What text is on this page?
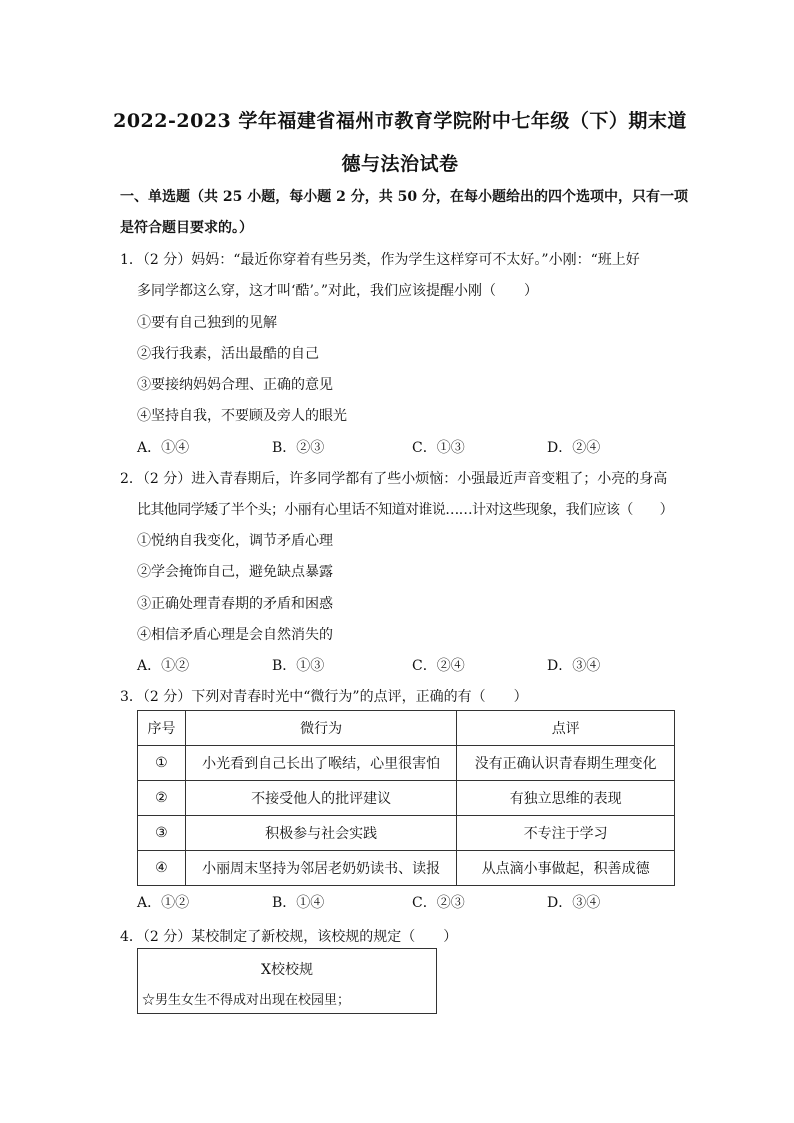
2022-2023 学年福建省福州市教育学院附中七年级（下）期末道
德与法治试卷
一、单选题（共 25 小题，每小题 2 分，共 50 分，在每小题给出的四个选项中，只有一项
是符合题目要求的。）
1．（2 分）妈妈：“最近你穿着有些另类，作为学生这样穿可不太好。”小刚：“班上好
多同学都这么穿，这才叫‘酷’。”对此，我们应该提醒小刚（　　）
①要有自己独到的见解
②我行我素，活出最酷的自己
③要接纳妈妈合理、正确的意见
④坚持自我，不要顾及旁人的眼光
A．①④	B．②③	C．①③	D．②④
2．（2 分）进入青春期后，许多同学都有了些小烦恼：小强最近声音变粗了；小亮的身高
比其他同学矮了半个头；小丽有心里话不知道对谁说……计对这些现象，我们应该（　　）
①悦纳自我变化，调节矛盾心理
②学会掩饰自己，避免缺点暴露
③正确处理青春期的矛盾和困惑
④相信矛盾心理是会自然消失的
A．①②	B．①③	C．②④	D．③④
3．（2 分）下列对青春时光中“微行为”的点评，正确的有（　　）
序号	微行为	点评
①	小光看到自己长出了喉结，心里很害怕	没有正确认识青春期生理变化
②	不接受他人的批评建议	有独立思维的表现
③	积极参与社会实践	不专注于学习
④	小丽周末坚持为邻居老奶奶读书、读报	从点滴小事做起，积善成德
A．①②	B．①④	C．②③	D．③④
4．（2 分）某校制定了新校规，该校规的规定（　　）
X校校规
☆男生女生不得成对出现在校园里；
